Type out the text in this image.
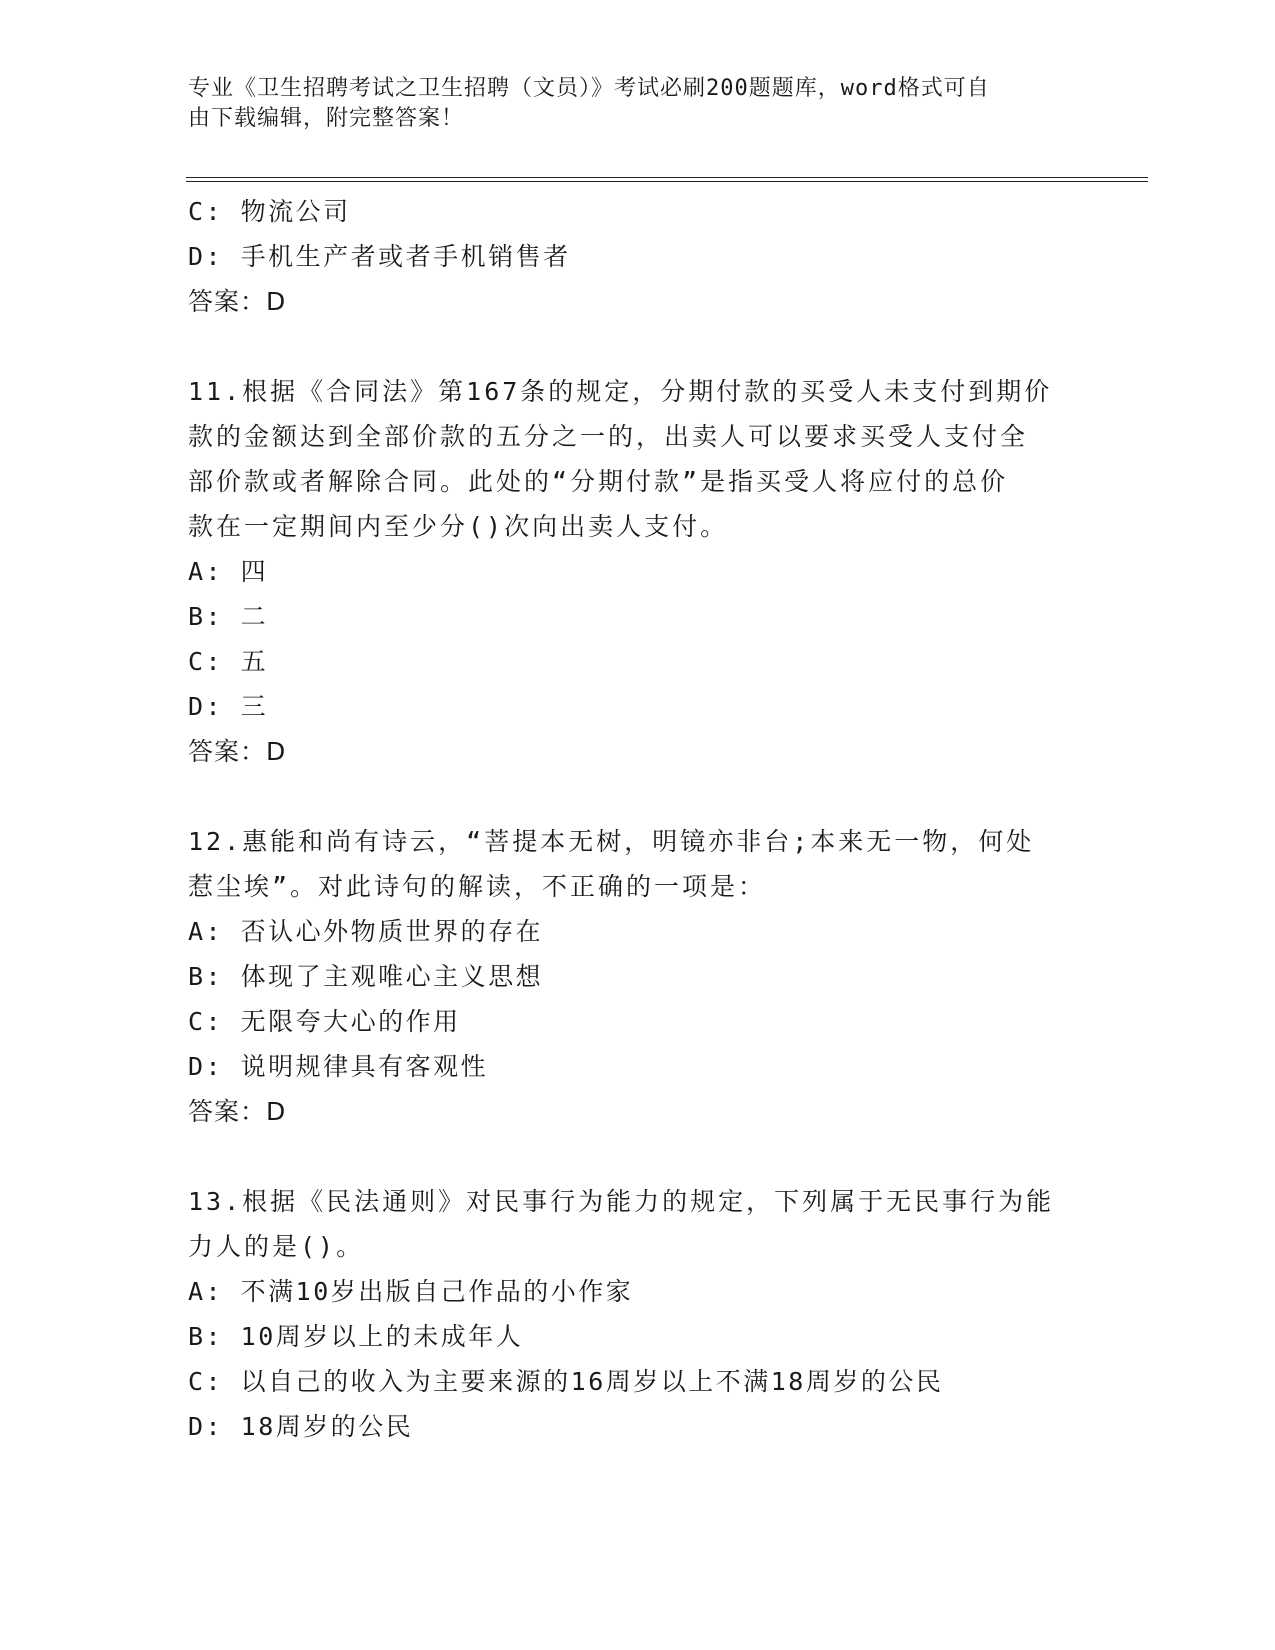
专业《卫生招聘考试之卫生招聘（文员）》考试必刷200题题库，word格式可自
由下载编辑，附完整答案！
C: 物流公司
D: 手机生产者或者手机销售者
答案：D
11.根据《合同法》第167条的规定，分期付款的买受人未支付到期价
款的金额达到全部价款的五分之一的，出卖人可以要求买受人支付全
部价款或者解除合同。此处的“分期付款”是指买受人将应付的总价
款在一定期间内至少分()次向出卖人支付。
A: 四
B: 二
C: 五
D: 三
答案：D
12.惠能和尚有诗云，“菩提本无树，明镜亦非台;本来无一物，何处
惹尘埃”。对此诗句的解读，不正确的一项是：
A: 否认心外物质世界的存在
B: 体现了主观唯心主义思想
C: 无限夸大心的作用
D: 说明规律具有客观性
答案：D
13.根据《民法通则》对民事行为能力的规定，下列属于无民事行为能
力人的是()。
A: 不满10岁出版自己作品的小作家
B: 10周岁以上的未成年人
C: 以自己的收入为主要来源的16周岁以上不满18周岁的公民
D: 18周岁的公民
